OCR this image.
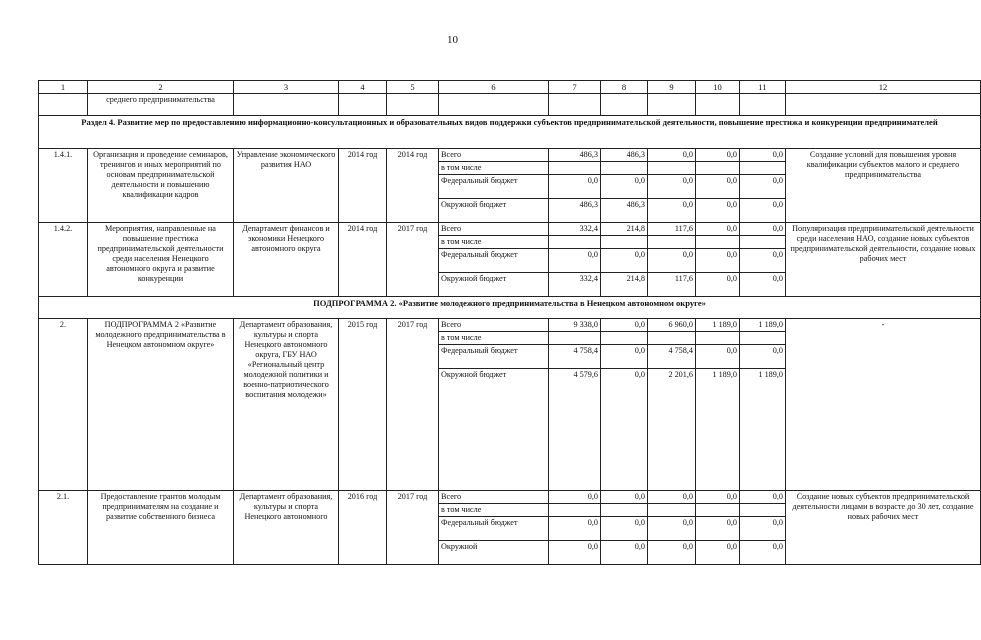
10
1	2	3	4	5	6	7	8	9	10	11	12
	среднего предпринимательства										
Раздел 4. Развитие мер по предоставлению информационно-консультационных и образовательных видов поддержки субъектов предпринимательской деятельности, повышение престижа и конкуренции предпринимателей											
1.4.1.	Организация и проведение семинаров, тренингов и иных мероприятий по основам предпринимательской деятельности и повышению квалификации кадров	Управление экономического развития НАО	2014 год	2014 год	Всего	486,3	486,3	0,0	0,0	0,0	Создание условий для повышения уровня квалификации субъектов малого и среднего предпринимательства
					в том числе						
					Федеральный бюджет	0,0	0,0	0,0	0,0	0,0	
					Окружной бюджет	486,3	486,3	0,0	0,0	0,0	
1.4.2.	Мероприятия, направленные на повышение престижа предпринимательской деятельности среди населения Ненецкого автономного округа и развитие конкуренции	Департамент финансов и экономики Ненецкого автономного округа	2014 год	2017 год	Всего	332,4	214,8	117,6	0,0	0,0	Популяризация предпринимательской деятельности среди населения НАО, создание новых субъектов предпринимательской деятельности, создание новых рабочих мест
					в том числе						
					Федеральный бюджет	0,0	0,0	0,0	0,0	0,0	
					Окружной бюджет	332,4	214,8	117,6	0,0	0,0	
ПОДПРОГРАММА 2. «Развитие молодежного предпринимательства в Ненецком автономном округе»											
2.	ПОДПРОГРАММА 2 «Развитие молодежного предпринимательства в Ненецком автономном округе»	Департамент образования, культуры и спорта Ненецкого автономного округа, ГБУ НАО «Региональный центр молодежной политики и военно-патриотического воспитания молодежи»	2015 год	2017 год	Всего	9 338,0	0,0	6 960,0	1 189,0	1 189,0	-
					в том числе						
					Федеральный бюджет	4 758,4	0,0	4 758,4	0,0	0,0	
					Окружной бюджет	4 579,6	0,0	2 201,6	1 189,0	1 189,0	
2.1.	Предоставление грантов молодым предпринимателям на создание и развитие собственного бизнеса	Департамент образования, культуры и спорта Ненецкого автономного	2016 год	2017 год	Всего	0,0	0,0	0,0	0,0	0,0	Создание новых субъектов предпринимательской деятельности лицами в возрасте до 30 лет, создание новых рабочих мест
					в том числе						
					Федеральный бюджет	0,0	0,0	0,0	0,0	0,0	
					Окружной	0,0	0,0	0,0	0,0	0,0	
